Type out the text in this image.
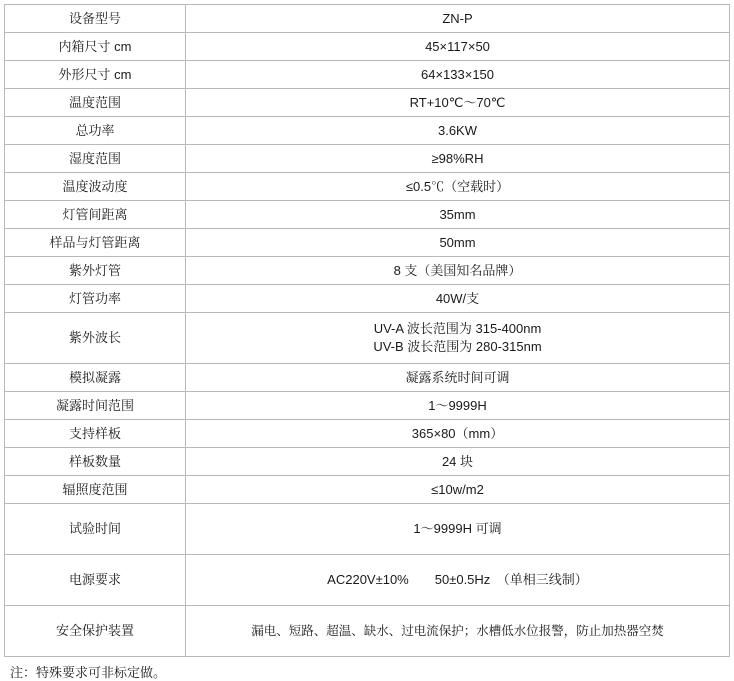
设备型号	ZN-P

内箱尺寸 cm	45×117×50

外形尺寸 cm	64×133×150

温度范围	RT+10℃～70℃

总功率	3.6KW

湿度范围	≥98%RH

温度波动度	≤0.5℃（空载时）

灯管间距离	35mm

样品与灯管距离	50mm

紫外灯管	8 支（美国知名品牌）

灯管功率	40W/支

紫外波长	UV-A 波长范围为 315-400nm
UV-B 波长范围为 280-315nm

模拟凝露	凝露系统时间可调

凝露时间范围	1～9999H

支持样板	365×80（mm）

样板数量	24 块

辐照度范围	≤10w/m2

试验时间	1～9999H 可调

电源要求	AC220V±10%　　50±0.5Hz　（单相三线制）

安全保护装置	漏电、短路、超温、缺水、过电流保护；水槽低水位报警，防止加热器空焚
注：特殊要求可非标定做。
